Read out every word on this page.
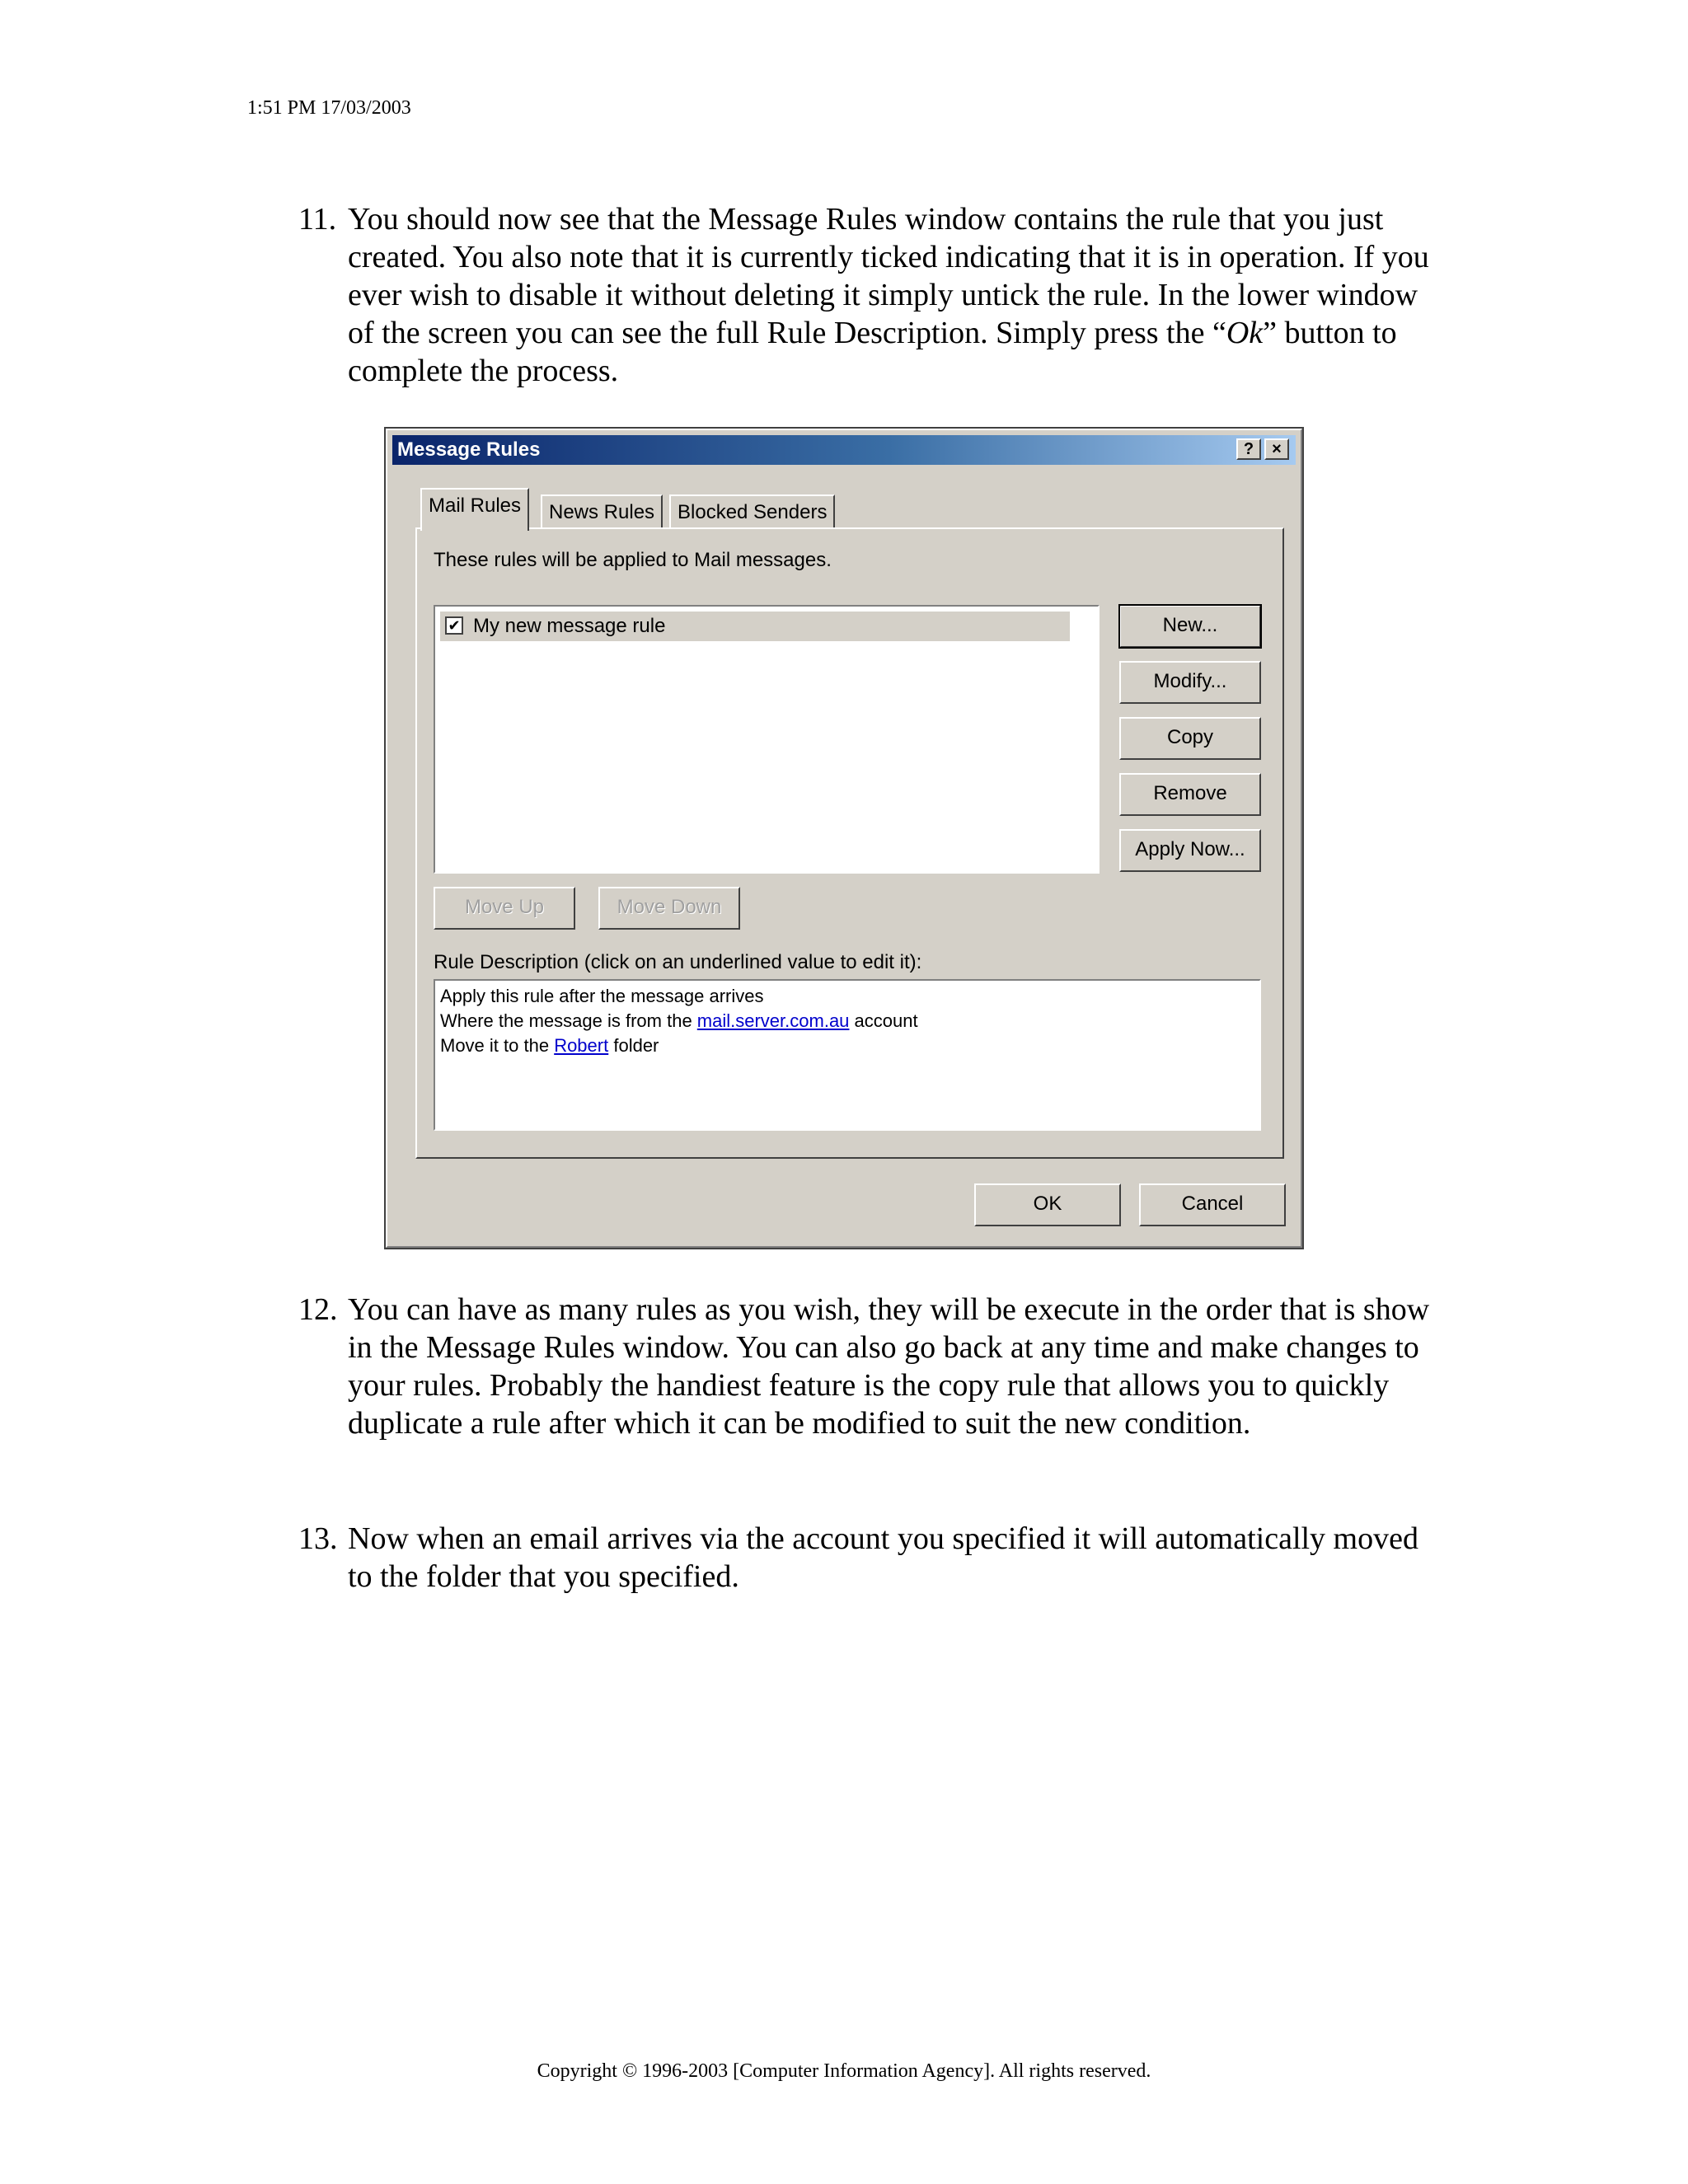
1:51 PM 17/03/2003
11. You should now see that the Message Rules window contains the rule that you just created. You also note that it is currently ticked indicating that it is in operation. If you ever wish to disable it without deleting it simply untick the rule. In the lower window of the screen you can see the full Rule Description. Simply press the “Ok” button to complete the process.
Message Rules	?	×
Mail Rules	News Rules	Blocked Senders
These rules will be applied to Mail messages.
✔ My new message rule	New...
Modify...
Copy
Remove
Apply Now...
Move Up	Move Down
Rule Description (click on an underlined value to edit it):
Apply this rule after the message arrives
Where the message is from the mail.server.com.au account
Move it to the Robert folder
OK	Cancel
12. You can have as many rules as you wish, they will be execute in the order that is show in the Message Rules window. You can also go back at any time and make changes to your rules. Probably the handiest feature is the copy rule that allows you to quickly duplicate a rule after which it can be modified to suit the new condition.
13. Now when an email arrives via the account you specified it will automatically moved to the folder that you specified.
Copyright © 1996-2003 [Computer Information Agency]. All rights reserved.
